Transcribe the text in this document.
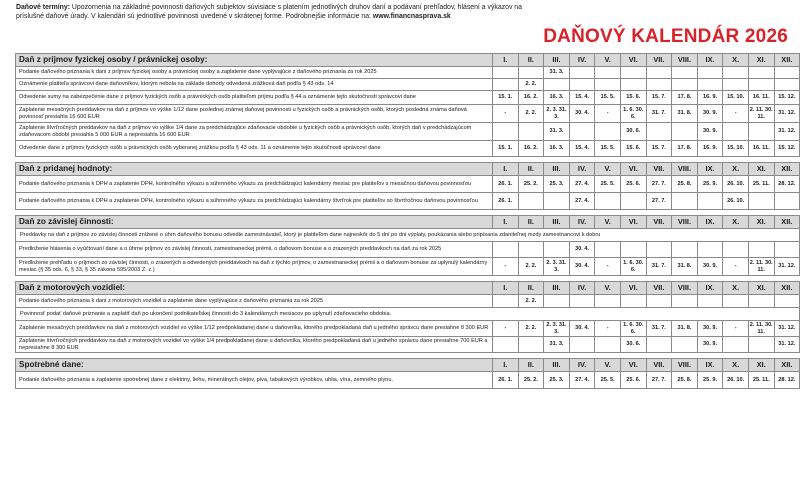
Daňové termíny: Upozornenia na základné povinnosti daňových subjektov súvisiace s platením jednotlivých druhov daní a podávaní prehľadov, hlásení a výkazov na príslušné daňové úrady. V kalendári sú jednotlivé povinnosti uvedené v skrátenej forme. Podrobnejšie informácie na: www.financnasprava.sk
DAŇOVÝ KALENDÁR 2026
Daň z príjmov fyzickej osoby / právnickej osoby:	I.	II.	III.	IV.	V.	VI.	VII.	VIII.	IX.	X.	XI.	XII.
Podanie daňového priznania k dani z príjmov fyzickej osoby a právnickej osoby a zaplatenie dane vyplývajúce z daňového priznania za rok 2025			31. 3.									
Oznámenie platiteľa správcovi dane daňovníkov, ktorým nebola na základe dohody odvedená zrážková daň podľa § 43 ods. 14		2. 2.										
Odvedenie sumy na zabezpečenie dane z príjmov fyzických osôb a právnických osôb platiteľom príjmu podľa § 44 a oznámenie tejto skutočnosti správcovi dane	15. 1.	16. 2.	16. 3.	15. 4.	15. 5.	15. 6.	15. 7.	17. 8.	16. 9.	15. 10.	16. 11.	15. 12.
Zaplatenie mesačných preddavkov na daň z príjmov vo výške 1/12 dane poslednej známej daňovej povinnosti u fyzických osôb a právnických osôb, ktorých posledná známa daňová povinnosť presiahla 16 600 EUR	-	2. 2.	2. 3. 31. 3.	30. 4.	-	1. 6. 30. 6.	31. 7.	31. 8.	30. 9.	-	2. 11. 30. 11.	31. 12.
Zaplatenie štvrťročných preddavkov na daň z príjmov vo výške 1/4 dane za predchádzajúce zdaňovacie obdobie u fyzických osôb a právnických osôb, ktorých daň v predchádzajúcom zdaňovacom období presiahla 5 000 EUR a nepresiahla 16 600 EUR			31. 3.			30. 6.			30. 9.			31. 12.
Odvedenie dane z príjmov fyzických osôb a právnických osôb vyberanej zrážkou podľa § 43 ods. 11 a oznámenie tejto skutočnosti správcovi dane	15. 1.	16. 2.	16. 3.	15. 4.	15. 5.	15. 6.	15. 7.	17. 8.	16. 9.	15. 10.	16. 11.	15. 12.

Daň z pridanej hodnoty:	I.	II.	III.	IV.	V.	VI.	VII.	VIII.	IX.	X.	XI.	XII.
Podanie daňového priznania k DPH a zaplatenie DPH, kontrolného výkazu a súhrnného výkazu za predchádzajúci kalendárny mesiac pre platiteľov s mesačnou daňovou povinnosťou	26. 1.	25. 2.	25. 3.	27. 4.	25. 5.	25. 6.	27. 7.	25. 8.	25. 9.	26. 10.	25. 11.	28. 12.
Podanie daňového priznania k DPH a zaplatenie DPH, kontrolného výkazu a súhrnného výkazu za predchádzajúci kalendárny štvrťrok pre platiteľov so štvrťročnou daňovou povinnosťou	26. 1.			27. 4.			27. 7.			26. 10.		

Daň zo závislej činnosti:	I.	II.	III.	IV.	V.	VI.	VII.	VIII.	IX.	X.	XI.	XII.
Preddavky na daň z príjmov zo závislej činnosti znížené o úhrn daňového bonusu odvedie zamestnávateľ, ktorý je platiteľom dane najneskôr do 5 dní po dni výplaty, poukázania alebo pripísania zdaniteľnej mzdy zamestnancovi k dobru												
Predloženie hlásenia o vyúčtovaní dane a o úhrne príjmov zo závislej činnosti, zamestnaneckej prémii, o daňovom bonuse a o zrazených preddavkoch na daň za rok 2025				30. 4.								
Predloženie prehľadu o príjmoch zo závislej činnosti, o zrazených a odvedených preddavkoch na daň z týchto príjmov, o zamestnaneckej prémii a o daňovom bonuse za uplynulý kalendárny mesiac (§ 35 ods. 6, § 33, § 35 zákona 595/2003 Z. z.)	-	2. 2.	2. 3. 31. 3.	30. 4.	-	1. 6. 30. 6.	31. 7.	31. 8.	30. 9.	-	2. 11. 30. 11.	31. 12.

Daň z motorových vozidiel:	I.	II.	III.	IV.	V.	VI.	VII.	VIII.	IX.	X.	XI.	XII.
Podanie daňového priznania k dani z motorových vozidiel a zaplatenie dane vyplývajúce z daňového priznania za rok 2025		2. 2.										
Povinnosť podať daňové priznanie a zaplatiť daň po ukončení podnikateľskej činnosti do 3 kalendárnych mesiacov po uplynutí zdaňovacieho obdobia.												
Zaplatenie mesačných preddavkov na daň z motorových vozidiel vo výške 1/12 predpokladanej dane u daňovníka, ktorého predpokladaná daň u jedného správcu dane presiahne 8 300 EUR	-	2. 2.	2. 3. 31. 3.	30. 4.	-	1. 6. 30. 6.	31. 7.	31. 8.	30. 9.	-	2. 11. 30. 11.	31. 12.
Zaplatenie štvrťročných preddavkov na daň z motorových vozidiel vo výške 1/4 predpokladanej dane u daňovníka, ktorého predpokladaná daň u jedného správcu dane presiahne 700 EUR a nepresiahne 8 300 EUR			31. 3.			30. 6.			30. 9.			31. 12.

Spotrebné dane:	I.	II.	III.	IV.	V.	VI.	VII.	VIII.	IX.	X.	XI.	XII.
Podanie daňového priznania a zaplatenie spotrebnej dane z elektriny, liehu, minerálnych olejov, piva, tabakových výrobkov, uhlia, vína, zemného plynu.	26. 1.	25. 2.	25. 3.	27. 4.	25. 5.	25. 6.	27. 7.	25. 8.	25. 9.	26. 10.	25. 11.	28. 12.
